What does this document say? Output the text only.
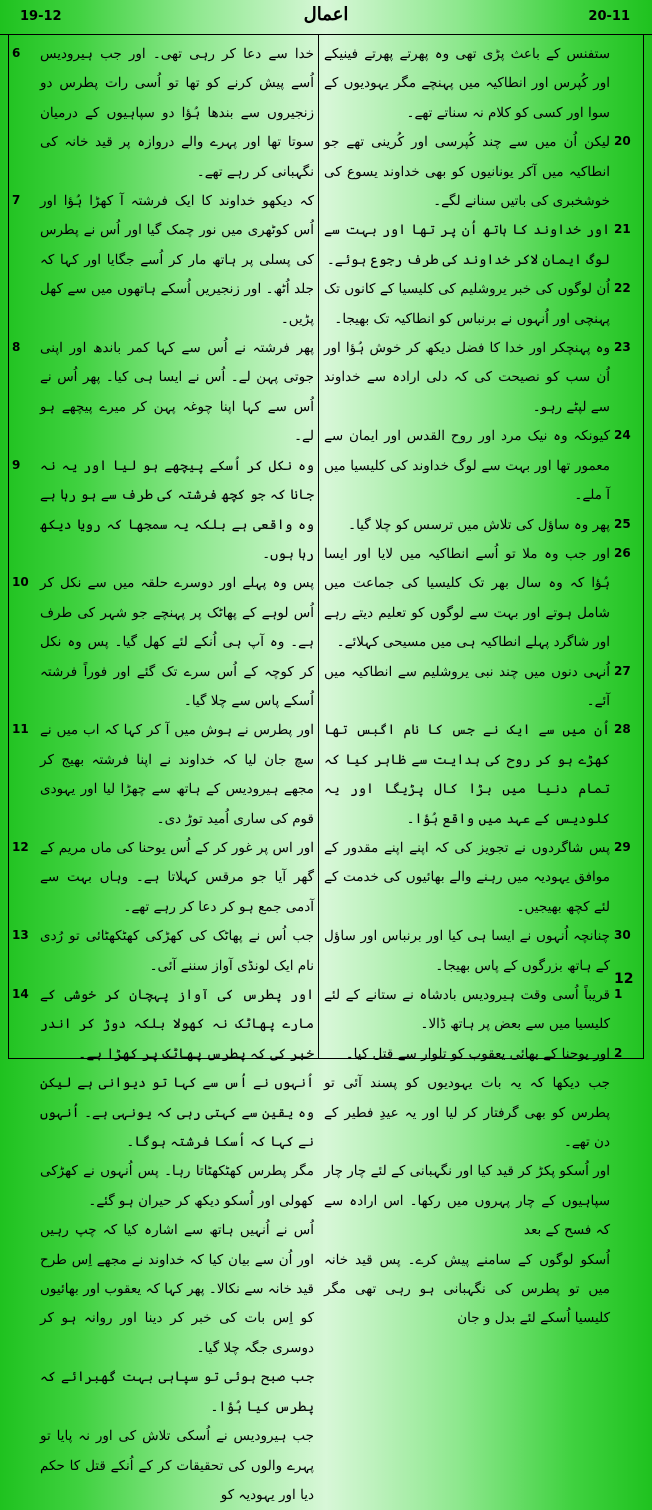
19-12	اعمال	20-11

ستفنس کے باعث پڑی تھی وہ پھرتے پھرتے فینیکے اور کُپرس اور انطاکیہ میں پہنچے مگر یہودیوں کے سوا اور کسی کو کلام نہ سناتے تھے۔

لیکن اُن میں سے چند کُپرسی اور کُرینی تھے جو انطاکیہ میں آکر یونانیوں کو بھی خداوند یسوع کی خوشخبری کی باتیں سنانے لگے۔

اور خداوند کا ہاتھ اُن پر تھا اور بہت سے لوگ ایمان لاکر خداوند کی طرف رجوع ہوئے۔

اُن لوگوں کی خبر یروشلیم کی کلیسیا کے کانوں تک پہنچی اور اُنہوں نے برنباس کو انطاکیہ تک بھیجا۔

وہ پہنچکر اور خدا کا فضل دیکھ کر خوش ہُؤا اور اُن سب کو نصیحت کی کہ دلی ارادہ سے خداوند سے لپٹے رہو۔

کیونکہ وہ نیک مرد اور روح القدس اور ایمان سے معمور تھا اور بہت سے لوگ خداوند کی کلیسیا میں آ ملے۔

پھر وہ ساؤل کی تلاش میں ترسس کو چلا گیا۔

اور جب وہ ملا تو اُسے انطاکیہ میں لایا اور ایسا ہُؤا کہ وہ سال بھر تک کلیسیا کی جماعت میں شامل ہوتے اور بہت سے لوگوں کو تعلیم دیتے رہے اور شاگرد پہلے انطاکیہ ہی میں مسیحی کہلائے۔

اُنہی دنوں میں چند نبی یروشلیم سے انطاکیہ میں آئے۔

اُن میں سے ایک نے جس کا نام اگبس تھا کھڑے ہو کر روح کی ہدایت سے ظاہر کیا کہ تمام دنیا میں بڑا کال پڑیگا اور یہ کلودیس کے عہد میں واقع ہُؤا۔

پس شاگردوں نے تجویز کی کہ اپنے اپنے مقدور کے موافق یہودیہ میں رہنے والے بھائیوں کی خدمت کے لئے کچھ بھیجیں۔

چنانچہ اُنہوں نے ایسا ہی کیا اور برنباس اور ساؤل کے ہاتھ بزرگوں کے پاس بھیجا۔

قریباً اُسی وقت ہیرودیس بادشاہ نے ستانے کے لئے کلیسیا میں سے بعض پر ہاتھ ڈالا۔

اور یوحنا کے بھائی یعقوب کو تلوار سے قتل کیا۔

جب دیکھا کہ یہ بات یہودیوں کو پسند آئی تو پطرس کو بھی گرفتار کر لیا اور یہ عیدِ فطیر کے دن تھے۔

اور اُسکو پکڑ کر قید کیا اور نگہبانی کے لئے چار چار سپاہیوں کے چار پہروں میں رکھا۔ اس ارادہ سے کہ فسح کے بعد

اُسکو لوگوں کے سامنے پیش کرے۔ پس قید خانہ میں تو پطرس کی نگہبانی ہو رہی تھی مگر کلیسیا اُسکے لئے بدل و جان

خدا سے دعا کر رہی تھی۔ اور جب ہیرودیس اُسے پیش کرنے کو تھا تو اُسی رات پطرس دو زنجیروں سے بندھا ہُؤا دو سپاہیوں کے درمیان سوتا تھا اور پہرے والے دروازہ پر قید خانہ کی نگہبانی کر رہے تھے۔

کہ دیکھو خداوند کا ایک فرشتہ آ کھڑا ہُؤا اور اُس کوٹھری میں نور چمک گیا اور اُس نے پطرس کی پسلی پر ہاتھ مار کر اُسے جگایا اور کہا کہ جلد اُٹھ۔ اور زنجیریں اُسکے ہاتھوں میں سے کھل پڑیں۔

پھر فرشتہ نے اُس سے کہا کمر باندھ اور اپنی جوتی پہن لے۔ اُس نے ایسا ہی کیا۔ پھر اُس نے اُس سے کہا اپنا چوغہ پہن کر میرے پیچھے ہو لے۔

وہ نکل کر اُسکے پیچھے ہو لیا اور یہ نہ جانا کہ جو کچھ فرشتہ کی طرف سے ہو رہا ہے وہ واقعی ہے بلکہ یہ سمجھا کہ رویا دیکھ رہا ہوں۔

پس وہ پہلے اور دوسرے حلقہ میں سے نکل کر اُس لوہے کے پھاٹک پر پہنچے جو شہر کی طرف ہے۔ وہ آپ ہی اُنکے لئے کھل گیا۔ پس وہ نکل کر کوچہ کے اُس سرے تک گئے اور فوراً فرشتہ اُسکے پاس سے چلا گیا۔

اور پطرس نے ہوش میں آ کر کہا کہ اب میں نے سچ جان لیا کہ خداوند نے اپنا فرشتہ بھیج کر مجھے ہیرودیس کے ہاتھ سے چھڑا لیا اور یہودی قوم کی ساری اُمید توڑ دی۔

اور اس پر غور کر کے اُس یوحنا کی ماں مریم کے گھر آیا جو مرقس کہلاتا ہے۔ وہاں بہت سے آدمی جمع ہو کر دعا کر رہے تھے۔

جب اُس نے پھاٹک کی کھڑکی کھٹکھٹائی تو رُدی نام ایک لونڈی آواز سننے آئی۔

اور پطرس کی آواز پہچان کر خوشی کے مارے پھاٹک نہ کھولا بلکہ دوڑ کر اندر خبر کی کہ پطرس پھاٹک پر کھڑا ہے۔

اُنہوں نے اُس سے کہا تو دیوانی ہے لیکن وہ یقین سے کہتی رہی کہ یونہی ہے۔ اُنہوں نے کہا کہ اُسکا فرشتہ ہوگا۔

مگر پطرس کھٹکھٹاتا رہا۔ پس اُنہوں نے کھڑکی کھولی اور اُسکو دیکھ کر حیران ہو گئے۔

اُس نے اُنہیں ہاتھ سے اشارہ کیا کہ چپ رہیں اور اُن سے بیان کیا کہ خداوند نے مجھے اِس طرح قید خانہ سے نکالا۔ پھر کہا کہ یعقوب اور بھائیوں کو اِس بات کی خبر کر دینا اور روانہ ہو کر دوسری جگہ چلا گیا۔

جب صبح ہوئی تو سپاہی بہت گھبرائے کہ پطرس کیا ہُؤا۔

جب ہیرودیس نے اُسکی تلاش کی اور نہ پایا تو پہرے والوں کی تحقیقات کر کے اُنکے قتل کا حکم دیا اور یہودیہ کو

20
21
22
23
24
25
26
27
28
29
30
1
12
2
6
7
8
9
10
11
12
13
14
